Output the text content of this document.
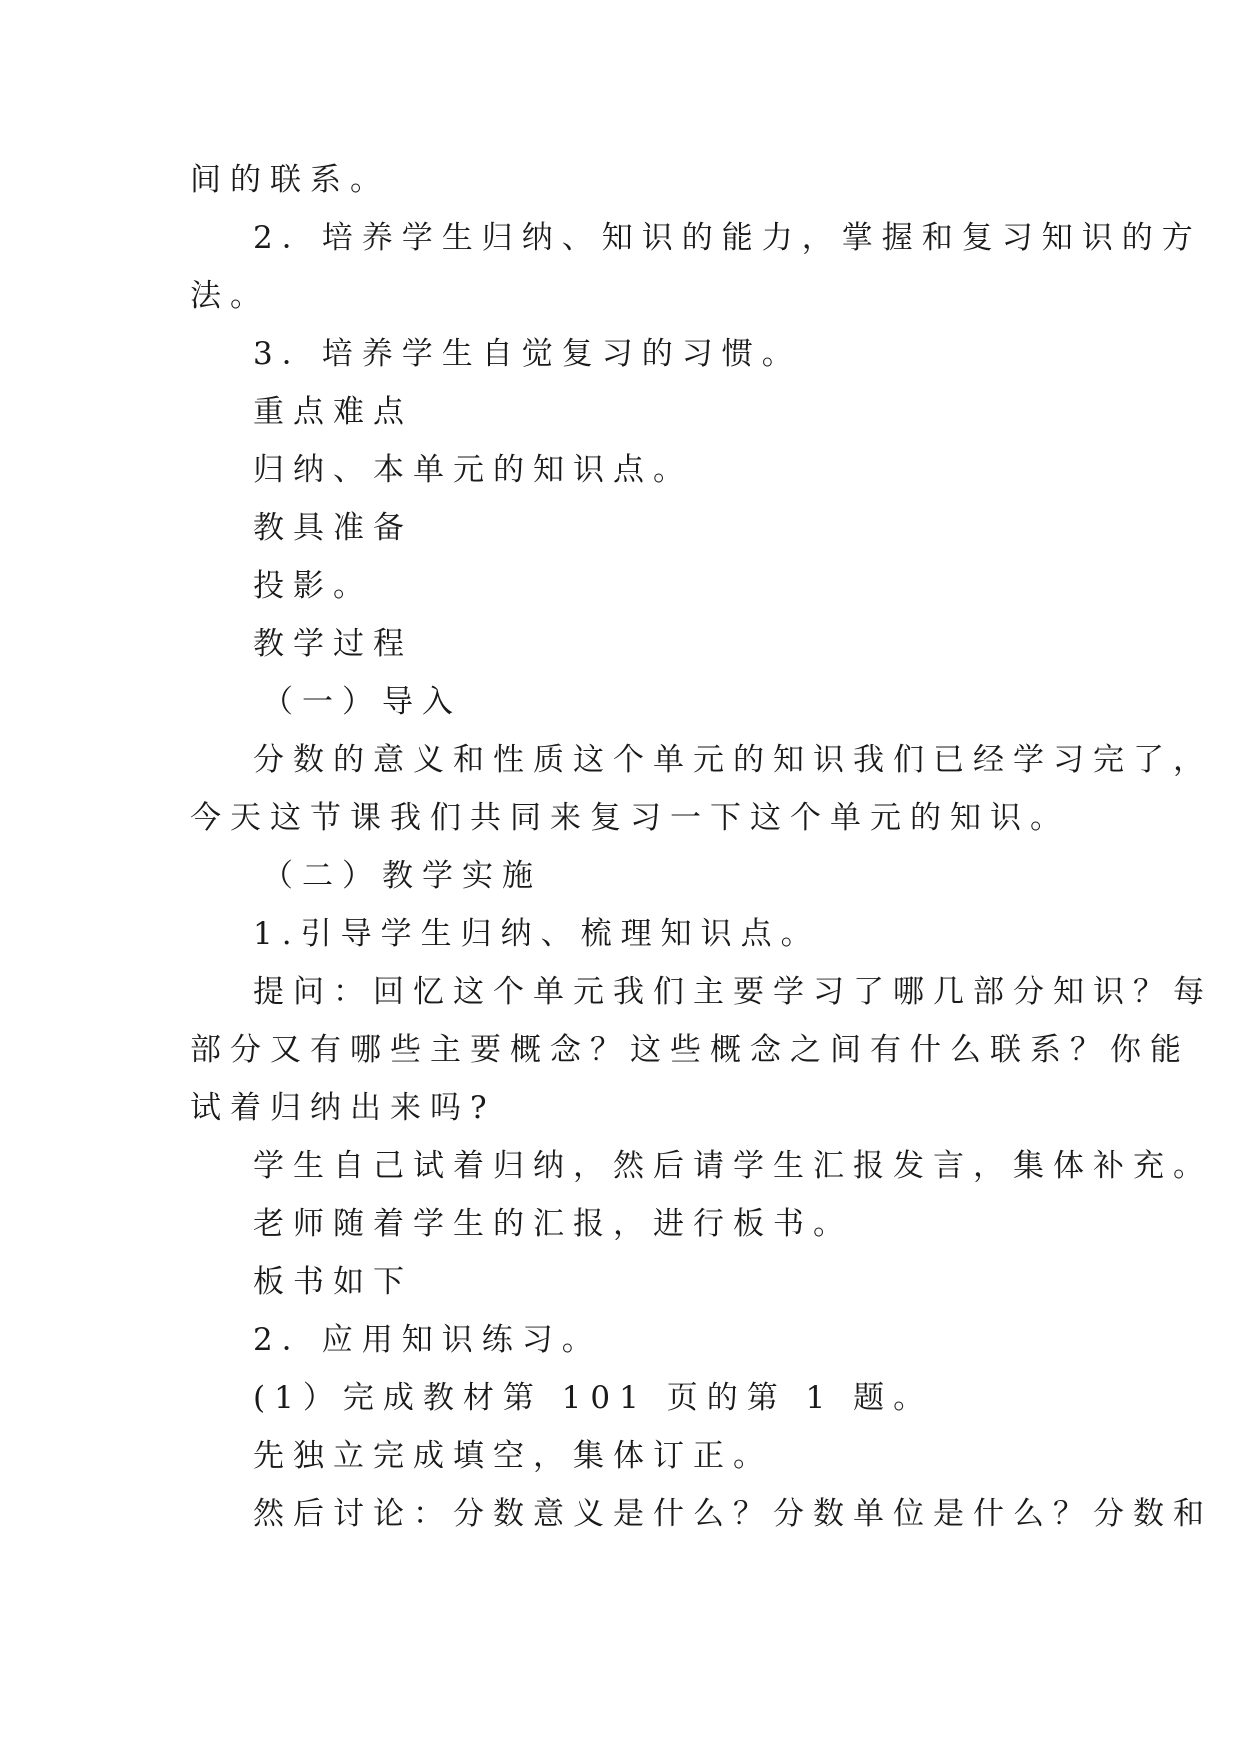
间的联系。
2．培养学生归纳、知识的能力，掌握和复习知识的方
法。
3．培养学生自觉复习的习惯。
重点难点
归纳、本单元的知识点。
教具准备
投影。
教学过程
（一）导入
分数的意义和性质这个单元的知识我们已经学习完了，
今天这节课我们共同来复习一下这个单元的知识。
（二）教学实施
1.引导学生归纳、梳理知识点。
提问：回忆这个单元我们主要学习了哪几部分知识？每
部分又有哪些主要概念？这些概念之间有什么联系？你能
试着归纳出来吗?
学生自己试着归纳，然后请学生汇报发言，集体补充。
老师随着学生的汇报，进行板书。
板书如下
2．应用知识练习。
(1）完成教材第 101 页的第 1 题。
先独立完成填空，集体订正。
然后讨论：分数意义是什么？分数单位是什么？分数和
